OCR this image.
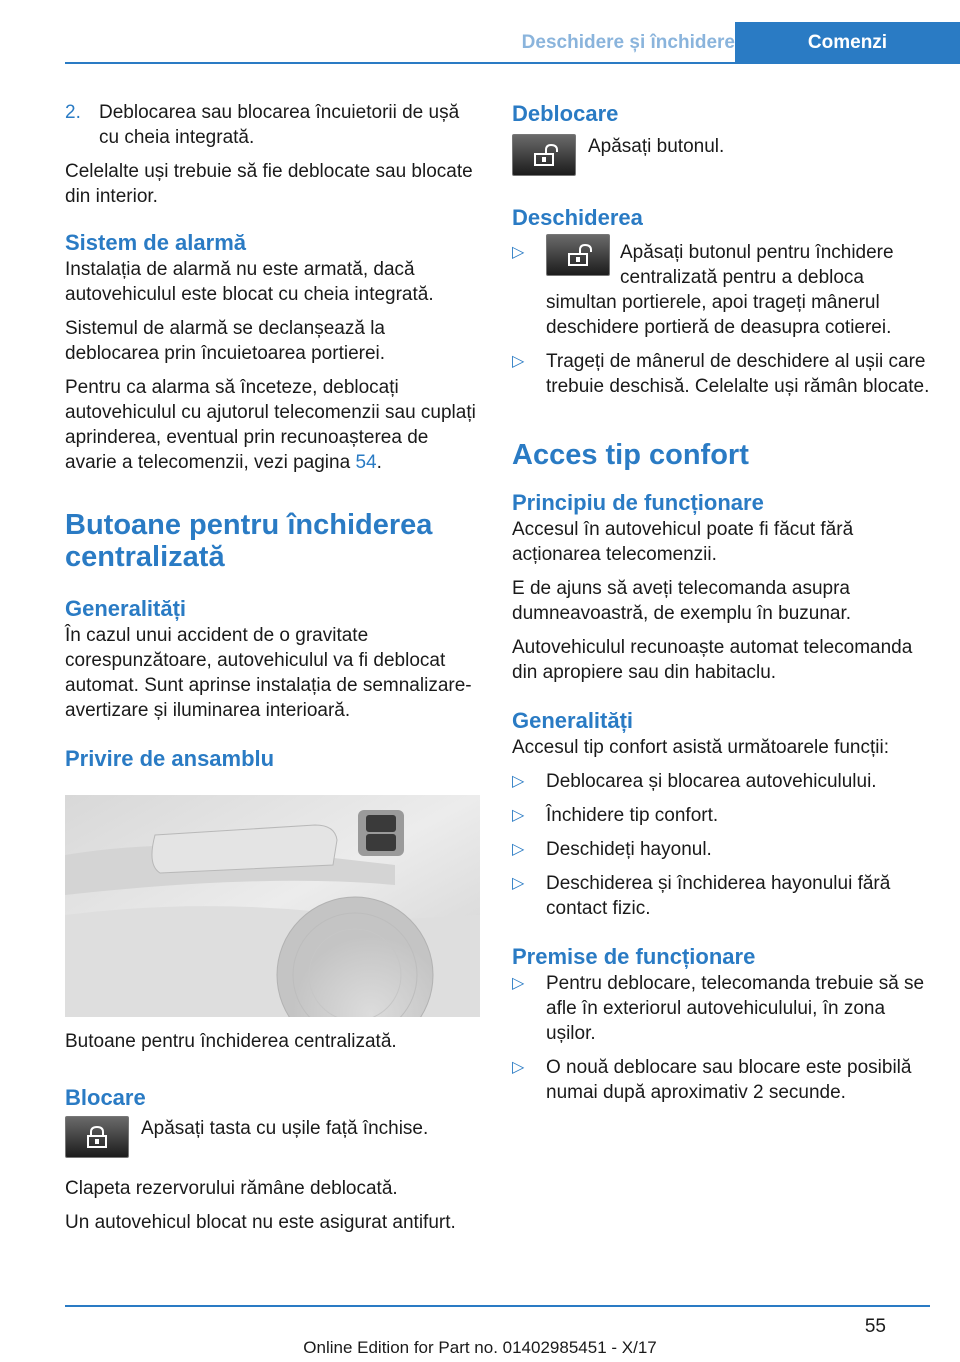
Deschidere și închidere	Comenzi
2. Deblocarea sau blocarea încuietorii de ușă cu cheia integrată.

Celelalte uși trebuie să fie deblocate sau blocate din interior.

Sistem de alarmă

Instalația de alarmă nu este armată, dacă autovehiculul este blocat cu cheia integrată.

Sistemul de alarmă se declanșează la deblocarea prin încuietoarea portierei.

Pentru ca alarma să înceteze, deblocați autovehiculul cu ajutorul telecomenzii sau cuplați aprinderea, eventual prin recunoașterea de avarie a telecomenzii, vezi pagina 54.

Butoane pentru închiderea centralizată
Generalități

În cazul unui accident de o gravitate corespunzătoare, autovehiculul va fi deblocat automat. Sunt aprinse instalația de semnalizare-avertizare și iluminarea interioară.

Privire de ansamblu

Butoane pentru închiderea centralizată.

Blocare
Apăsați tasta cu ușile față închise.

Clapeta rezervorului rămâne deblocată.

Un autovehicul blocat nu este asigurat antifurt.

Deblocare
Apăsați butonul.
Deschiderea
▷	Apăsați butonul pentru închidere centralizată pentru a debloca simultan portierele, apoi trageți mânerul deschidere portieră de deasupra cotierei.
▷ Trageți de mânerul de deschidere al ușii care trebuie deschisă. Celelalte uși rămân blocate.
Acces tip confort
Principiu de funcționare

Accesul în autovehicul poate fi făcut fără acționarea telecomenzii.

E de ajuns să aveți telecomanda asupra dumneavoastră, de exemplu în buzunar.

Autovehiculul recunoaște automat telecomanda din apropiere sau din habitaclu.

Generalități

Accesul tip confort asistă următoarele funcții:

▷ Deblocarea și blocarea autovehiculului.
▷ Închidere tip confort.
▷ Deschideți hayonul.
▷ Deschiderea și închiderea hayonului fără contact fizic.
Premise de funcționare
▷ Pentru deblocare, telecomanda trebuie să se afle în exteriorul autovehiculului, în zona ușilor.
▷ O nouă deblocare sau blocare este posibilă numai după aproximativ 2 secunde.
55
Online Edition for Part no. 01402985451 - X/17
